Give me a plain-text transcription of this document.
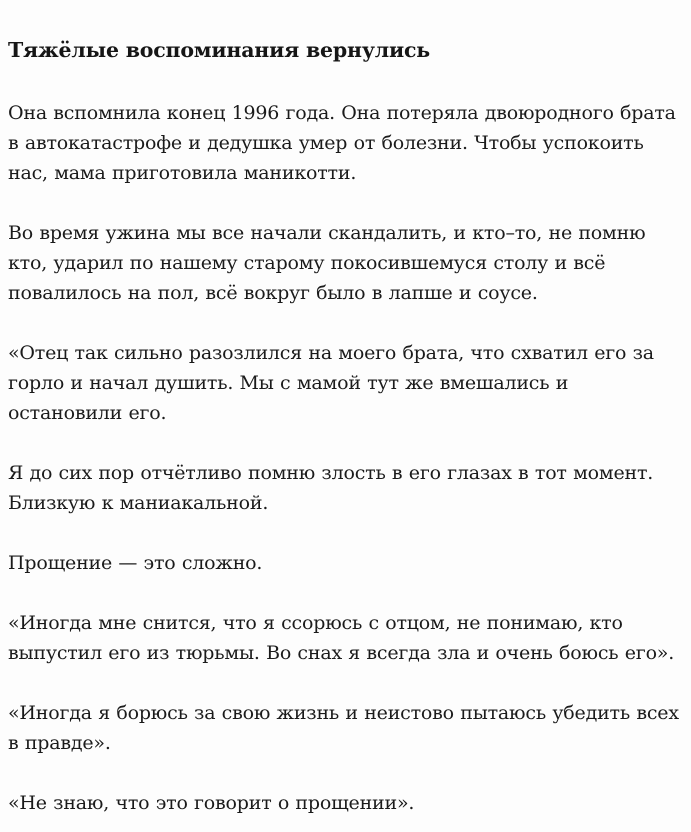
Тяжёлые воспоминания вернулись

Она вспомнила конец 1996 года. Она потеряла двоюродного брата в автокатастрофе и дедушка умер от болезни. Чтобы успокоить нас, мама приготовила маникотти.

Во время ужина мы все начали скандалить, и кто–то, не помню кто, ударил по нашему старому покосившемуся столу и всё повалилось на пол, всё вокруг было в лапше и соусе.

«Отец так сильно разозлился на моего брата, что схватил его за горло и начал душить. Мы с мамой тут же вмешались и остановили его.

Я до сих пор отчётливо помню злость в его глазах в тот момент. Близкую к маниакальной.

Прощение — это сложно.

«Иногда мне снится, что я ссорюсь с отцом, не понимаю, кто выпустил его из тюрьмы. Во снах я всегда зла и очень боюсь его».

«Иногда я борюсь за свою жизнь и неистово пытаюсь убедить всех в правде».

«Не знаю, что это говорит о прощении».
